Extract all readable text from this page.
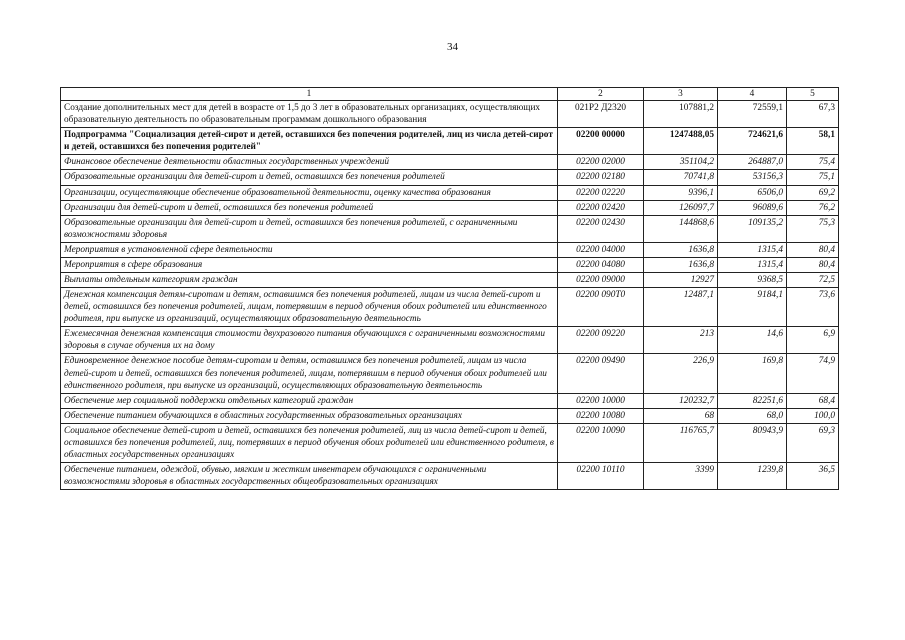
34
1	2	3	4	5
Создание дополнительных мест для детей в возрасте от 1,5 до 3 лет в образовательных организациях, осуществляющих образовательную деятельность по образовательным программам дошкольного образования	021Р2 Д2320	107881,2	72559,1	67,3
Подпрограмма "Социализация детей-сирот и детей, оставшихся без попечения родителей, лиц из числа детей-сирот и детей, оставшихся без попечения родителей"	02200 00000	1247488,05	724621,6	58,1
Финансовое обеспечение деятельности областных государственных учреждений	02200 02000	351104,2	264887,0	75,4
Образовательные организации для детей-сирот и детей, оставшихся без попечения родителей	02200 02180	70741,8	53156,3	75,1
Организации, осуществляющие обеспечение образовательной деятельности, оценку качества образования	02200 02220	9396,1	6506,0	69,2
Организации для детей-сирот и детей, оставшихся без попечения родителей	02200 02420	126097,7	96089,6	76,2
Образовательные организации для детей-сирот и детей, оставшихся без попечения родителей, с ограниченными возможностями здоровья	02200 02430	144868,6	109135,2	75,3
Мероприятия в установленной сфере деятельности	02200 04000	1636,8	1315,4	80,4
Мероприятия в сфере образования	02200 04080	1636,8	1315,4	80,4
Выплаты отдельным категориям граждан	02200 09000	12927	9368,5	72,5
Денежная компенсация детям-сиротам и детям, оставшимся без попечения родителей, лицам из числа детей-сирот и детей, оставшихся без попечения родителей, лицам, потерявшим в период обучения обоих родителей или единственного родителя, при выпуске из организаций, осуществляющих образовательную деятельность	02200 090Т0	12487,1	9184,1	73,6
Ежемесячная денежная компенсация стоимости двухразового питания обучающихся с ограниченными возможностями здоровья в случае обучения их на дому	02200 09220	213	14,6	6,9
Единовременное денежное пособие детям-сиротам и детям, оставшимся без попечения родителей, лицам из числа детей-сирот и детей, оставшихся без попечения родителей, лицам, потерявшим в период обучения обоих родителей или единственного родителя, при выпуске из организаций, осуществляющих образовательную деятельность	02200 09490	226,9	169,8	74,9
Обеспечение мер социальной поддержки отдельных категорий граждан	02200 10000	120232,7	82251,6	68,4
Обеспечение питанием обучающихся в областных государственных образовательных организациях	02200 10080	68	68,0	100,0
Социальное обеспечение детей-сирот и детей, оставшихся без попечения родителей, лиц из числа детей-сирот и детей, оставшихся без попечения родителей, лиц, потерявших в период обучения обоих родителей или единственного родителя, в областных государственных организациях	02200 10090	116765,7	80943,9	69,3
Обеспечение питанием, одеждой, обувью, мягким и жестким инвентарем обучающихся с ограниченными возможностями здоровья в областных государственных общеобразовательных организациях	02200 10110	3399	1239,8	36,5
